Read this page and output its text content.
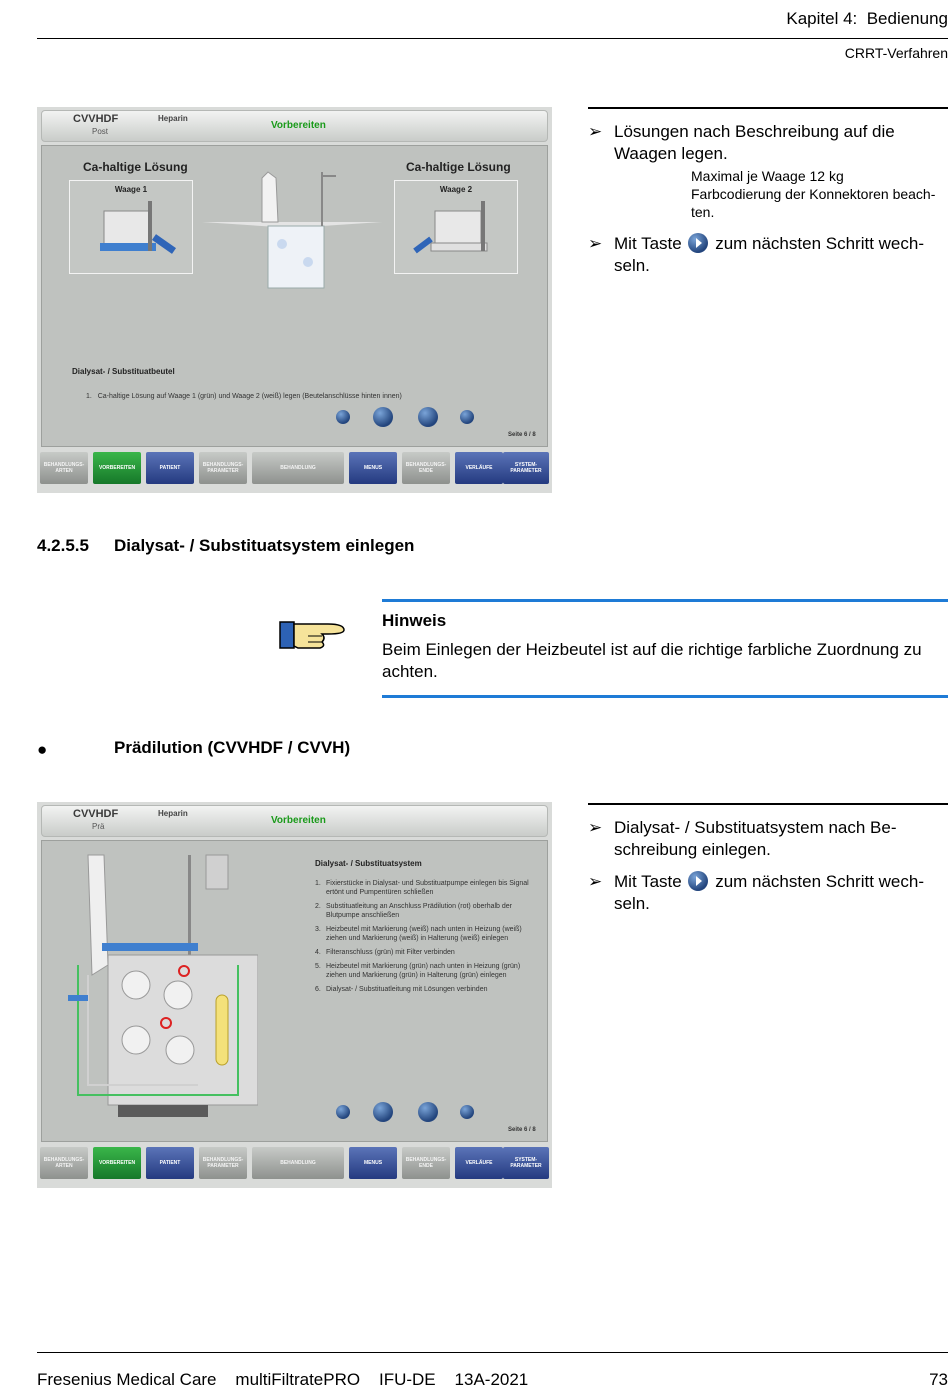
Kapitel 4:  Bedienung
CRRT-Verfahren
CVVHDF
Post
Heparin
Vorbereiten
Ca-haltige Lösung	Ca-haltige Lösung
Waage 1	Waage 2
Dialysat- / Substituatbeutel
1. Ca-haltige Lösung auf Waage 1 (grün) und Waage 2 (weiß) legen (Beutelanschlüsse hinten innen)
Seite 6 / 8
BEHANDLUNGS-ARTEN	VORBEREITEN	PATIENT	BEHANDLUNGS-PARAMETER	BEHANDLUNG	MENUS	BEHANDLUNGS-ENDE	VERLÄUFE	SYSTEM-PARAMETER
➢ Lösungen nach Beschreibung auf die Waagen legen.
Maximal je Waage 12 kg
Farbcodierung der Konnektoren beach-ten.
➢ Mit Taste zum nächsten Schritt wech-seln.
4.2.5.5 Dialysat- / Substituatsystem einlegen
Hinweis
Beim Einlegen der Heizbeutel ist auf die richtige farbliche Zuordnung zu achten.
●	Prädilution (CVVHDF / CVVH)
CVVHDF
Prä
Heparin
Vorbereiten
Dialysat- / Substituatsystem
1. Fixierstücke in Dialysat- und Substituatpumpe einlegen bis Signal ertönt und Pumpentüren schließen
2. Substituatleitung an Anschluss Prädilution (rot) oberhalb der Blutpumpe anschließen
3. Heizbeutel mit Markierung (weiß) nach unten in Heizung (weiß) ziehen und Markierung (weiß) in Halterung (weiß) einlegen
4. Filteranschluss (grün) mit Filter verbinden
5. Heizbeutel mit Markierung (grün) nach unten in Heizung (grün) ziehen und Markierung (grün) in Halterung (grün) einlegen
6. Dialysat- / Substituatleitung mit Lösungen verbinden
Seite 6 / 8
BEHANDLUNGS-ARTEN	VORBEREITEN	PATIENT	BEHANDLUNGS-PARAMETER	BEHANDLUNG	MENUS	BEHANDLUNGS-ENDE	VERLÄUFE	SYSTEM-PARAMETER
➢ Dialysat- / Substituatsystem nach Be-schreibung einlegen.
➢ Mit Taste zum nächsten Schritt wech-seln.
Fresenius Medical Care    multiFiltratePRO    IFU-DE    13A-2021	73
